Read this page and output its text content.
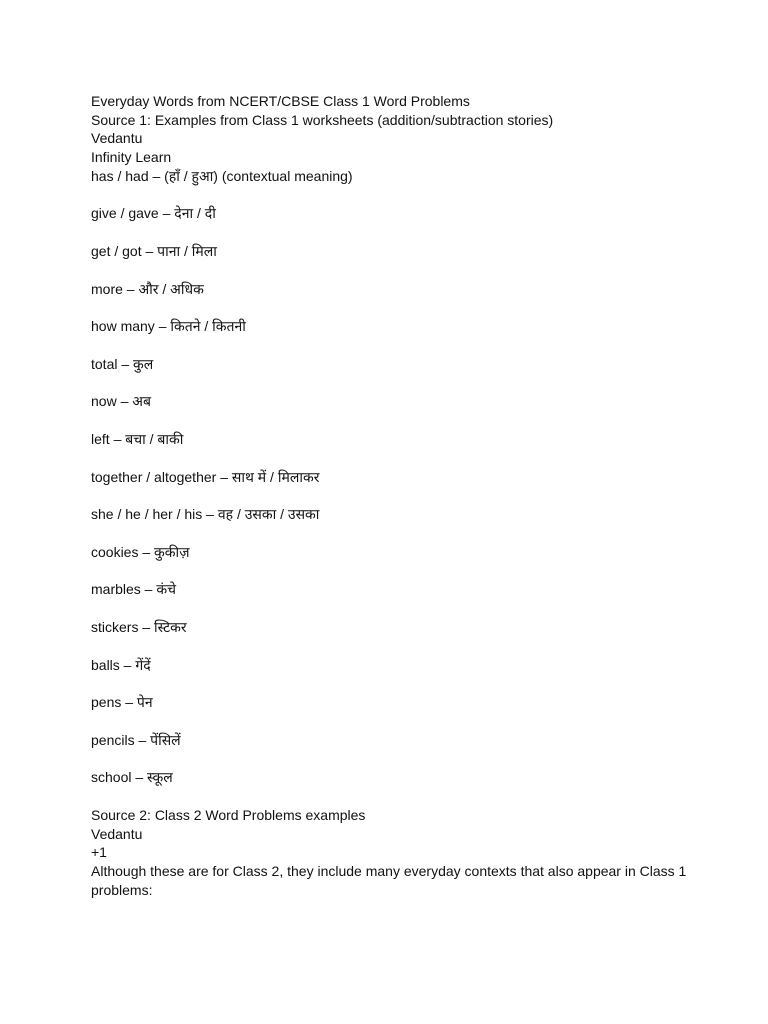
Everyday Words from NCERT/CBSE Class 1 Word Problems
Source 1: Examples from Class 1 worksheets (addition/subtraction stories)
Vedantu
Infinity Learn
has / had – (हाँ / हुआ) (contextual meaning)
give / gave – देना / दी
get / got – पाना / मिला
more – और / अधिक
how many – कितने / कितनी
total – कुल
now – अब
left – बचा / बाकी
together / altogether – साथ में / मिलाकर
she / he / her / his – वह / उसका / उसका
cookies – कुकीज़
marbles – कंचे
stickers – स्टिकर
balls – गेंदें
pens – पेन
pencils – पेंसिलें
school – स्कूल
Source 2: Class 2 Word Problems examples
Vedantu
+1
Although these are for Class 2, they include many everyday contexts that also appear in Class 1 problems:
